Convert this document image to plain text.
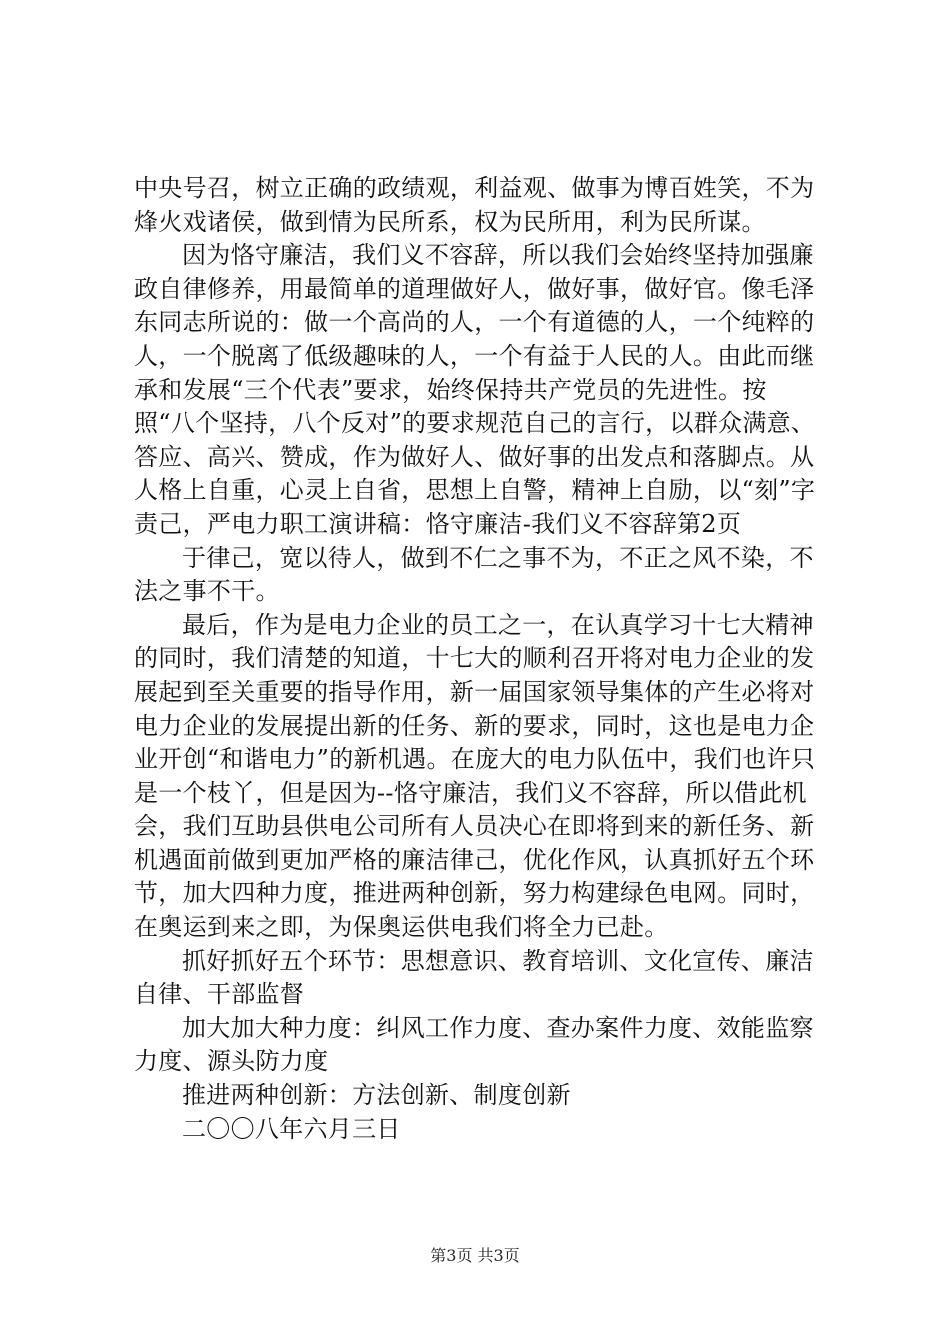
中央号召，树立正确的政绩观，利益观、做事为博百姓笑，不为烽火戏诸侯，做到情为民所系，权为民所用，利为民所谋。

因为恪守廉洁，我们义不容辞，所以我们会始终坚持加强廉政自律修养，用最简单的道理做好人，做好事，做好官。像毛泽东同志所说的：做一个高尚的人，一个有道德的人，一个纯粹的人，一个脱离了低级趣味的人，一个有益于人民的人。由此而继承和发展“三个代表”要求，始终保持共产党员的先进性。按照“八个坚持，八个反对”的要求规范自己的言行，以群众满意、答应、高兴、赞成，作为做好人、做好事的出发点和落脚点。从人格上自重，心灵上自省，思想上自警，精神上自励，以“刻”字责己，严电力职工演讲稿：恪守廉洁-我们义不容辞第2页

于律己，宽以待人，做到不仁之事不为，不正之风不染，不法之事不干。

最后，作为是电力企业的员工之一，在认真学习十七大精神的同时，我们清楚的知道，十七大的顺利召开将对电力企业的发展起到至关重要的指导作用，新一届国家领导集体的产生必将对电力企业的发展提出新的任务、新的要求，同时，这也是电力企业开创“和谐电力”的新机遇。在庞大的电力队伍中，我们也许只是一个枝丫，但是因为--恪守廉洁，我们义不容辞，所以借此机会，我们互助县供电公司所有人员决心在即将到来的新任务、新机遇面前做到更加严格的廉洁律己，优化作风，认真抓好五个环节，加大四种力度，推进两种创新，努力构建绿色电网。同时，在奥运到来之即，为保奥运供电我们将全力已赴。

抓好抓好五个环节：思想意识、教育培训、文化宣传、廉洁自律、干部监督

加大加大种力度：纠风工作力度、查办案件力度、效能监察力度、源头防力度

推进两种创新：方法创新、制度创新

二〇〇八年六月三日

第3页 共3页
